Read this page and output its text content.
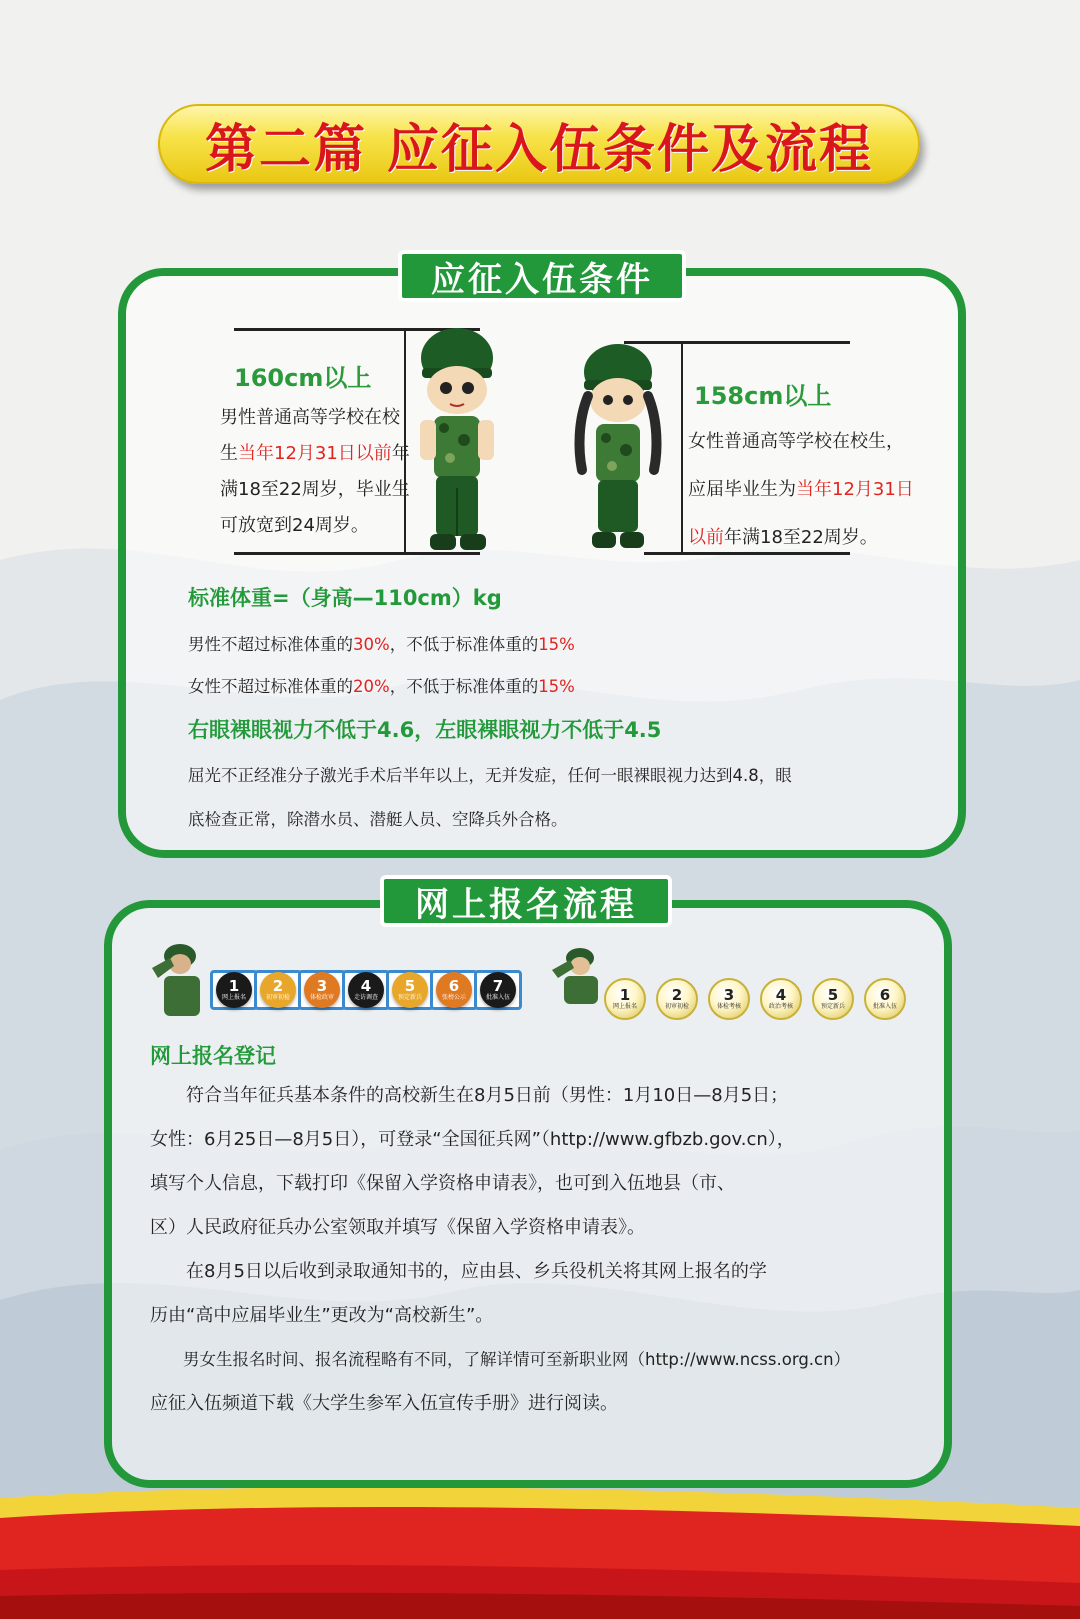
第二篇 应征入伍条件及流程
应征入伍条件
160cm以上
男性普通高等学校在校
生当年12月31日以前年
满18至22周岁，毕业生
可放宽到24周岁。
158cm以上
女性普通高等学校在校生，
应届毕业生为当年12月31日
以前年满18至22周岁。
标准体重=（身高—110cm）kg
男性不超过标准体重的30%，不低于标准体重的15%
女性不超过标准体重的20%，不低于标准体重的15%
右眼裸眼视力不低于4.6，左眼裸眼视力不低于4.5
屈光不正经准分子激光手术后半年以上，无并发症，任何一眼裸眼视力达到4.8，眼
底检查正常，除潜水员、潜艇人员、空降兵外合格。
网上报名流程
1
网上报名
2
初审初检
3
体检政审
4
走访调查
5
预定新兵
6
张榜公示
7
批准入伍	1
网上报名
2
初审初检
3
体检考核
4
政治考核
5
预定新兵
6
批准入伍
网上报名登记
　　符合当年征兵基本条件的高校新生在8月5日前（男性：1月10日—8月5日；
女性：6月25日—8月5日），可登录“全国征兵网”（http://www.gfbzb.gov.cn），
填写个人信息，下载打印《保留入学资格申请表》，也可到入伍地县（市、
区）人民政府征兵办公室领取并填写《保留入学资格申请表》。
　　在8月5日以后收到录取通知书的，应由县、乡兵役机关将其网上报名的学
历由“高中应届毕业生”更改为“高校新生”。
　　男女生报名时间、报名流程略有不同，了解详情可至新职业网（http://www.ncss.org.cn）
应征入伍频道下载《大学生参军入伍宣传手册》进行阅读。
